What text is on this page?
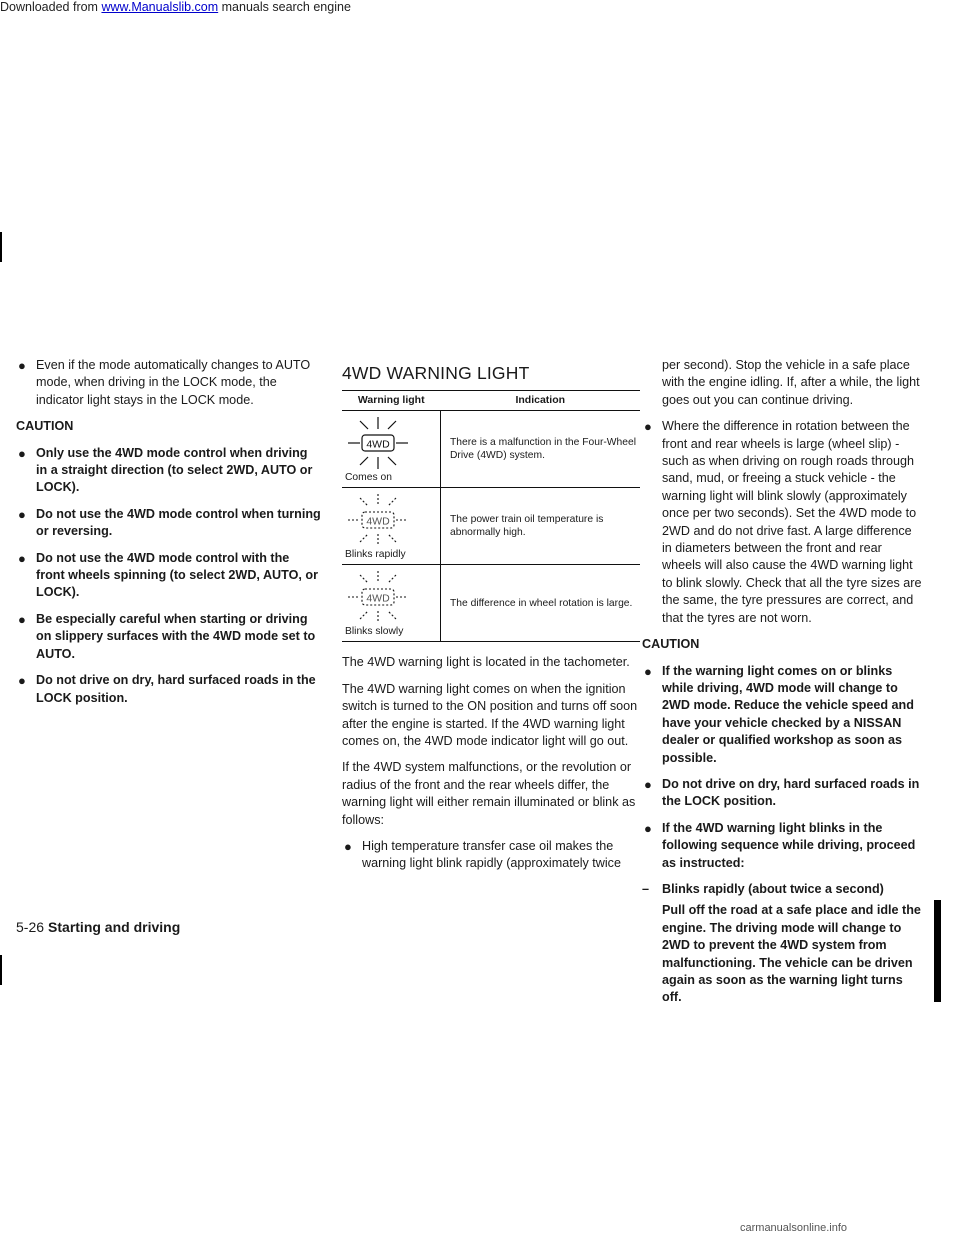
Downloaded from www.Manualslib.com manuals search engine
● Even if the mode automatically changes to AUTO mode, when driving in the LOCK mode, the indicator light stays in the LOCK mode.
CAUTION
● Only use the 4WD mode control when driving in a straight direction (to select 2WD, AUTO or LOCK).
● Do not use the 4WD mode control when turning or reversing.
● Do not use the 4WD mode control with the front wheels spinning (to select 2WD, AUTO, or LOCK).
● Be especially careful when starting or driving on slippery surfaces with the 4WD mode set to AUTO.
● Do not drive on dry, hard surfaced roads in the LOCK position.
4WD WARNING LIGHT
Warning light	Indication

4WD
Comes on	There is a malfunction in the Four-Wheel Drive (4WD) system.

4WD
Blinks rapidly	The power train oil temperature is abnormally high.

4WD
Blinks slowly	The difference in wheel rotation is large.

The 4WD warning light is located in the tachometer.

The 4WD warning light comes on when the ignition switch is turned to the ON position and turns off soon after the engine is started. If the 4WD warning light comes on, the 4WD mode indicator light will go out.

If the 4WD system malfunctions, or the revolution or radius of the front and the rear wheels differ, the warning light will either remain illuminated or blink as follows:

● High temperature transfer case oil makes the warning light blink rapidly (approximately twice
per second). Stop the vehicle in a safe place with the engine idling. If, after a while, the light goes out you can continue driving.
● Where the difference in rotation between the front and rear wheels is large (wheel slip) - such as when driving on rough roads through sand, mud, or freeing a stuck vehicle - the warning light will blink slowly (approximately once per two seconds). Set the 4WD mode to 2WD and do not drive fast. A large difference in diameters between the front and rear wheels will also cause the 4WD warning light to blink slowly. Check that all the tyre sizes are the same, the tyre pressures are correct, and that the tyres are not worn.
CAUTION
● If the warning light comes on or blinks while driving, 4WD mode will change to 2WD mode. Reduce the vehicle speed and have your vehicle checked by a NISSAN dealer or qualified workshop as soon as possible.
● Do not drive on dry, hard surfaced roads in the LOCK position.
● If the 4WD warning light blinks in the following sequence while driving, proceed as instructed:
– Blinks rapidly (about twice a second)
Pull off the road at a safe place and idle the engine. The driving mode will change to 2WD to prevent the 4WD system from malfunctioning. The vehicle can be driven again as soon as the warning light turns off.
5-26 Starting and driving
carmanualsonline.info
